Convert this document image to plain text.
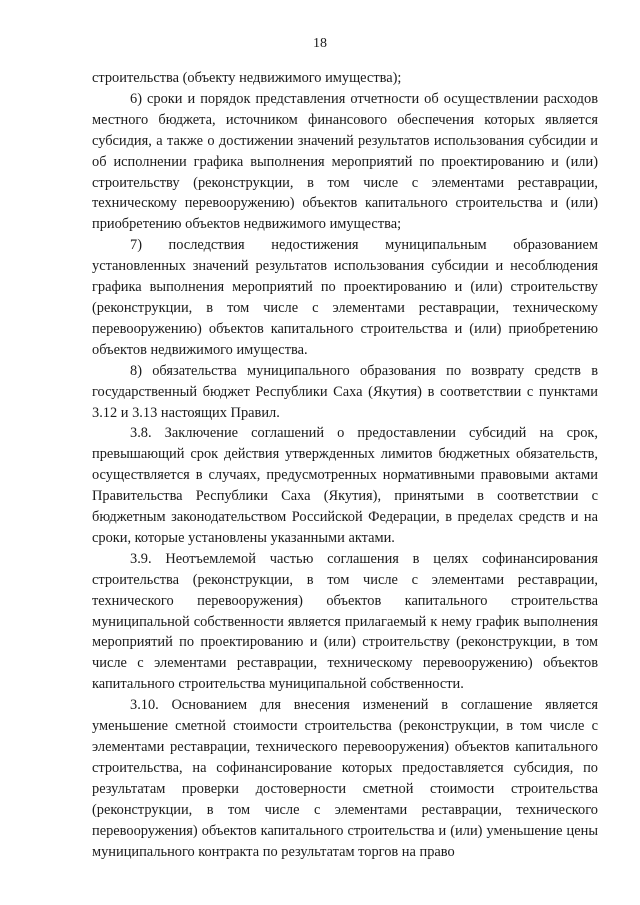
18

строительства (объекту недвижимого имущества);

6) сроки и порядок представления отчетности об осуществлении расходов местного бюджета, источником финансового обеспечения которых является субсидия, а также о достижении значений результатов использования субсидии и об исполнении графика выполнения мероприятий по проектированию и (или) строительству (реконструкции, в том числе с элементами реставрации, техническому перевооружению) объектов капитального строительства и (или) приобретению объектов недвижимого имущества;

7) последствия недостижения муниципальным образованием установленных значений результатов использования субсидии и несоблюдения графика выполнения мероприятий по проектированию и (или) строительству (реконструкции, в том числе с элементами реставрации, техническому перевооружению) объектов капитального строительства и (или) приобретению объектов недвижимого имущества.

8) обязательства муниципального образования по возврату средств в государственный бюджет Республики Саха (Якутия) в соответствии с пунктами 3.12 и 3.13 настоящих Правил.

3.8. Заключение соглашений о предоставлении субсидий на срок, превышающий срок действия утвержденных лимитов бюджетных обязательств, осуществляется в случаях, предусмотренных нормативными правовыми актами Правительства Республики Саха (Якутия), принятыми в соответствии с бюджетным законодательством Российской Федерации, в пределах средств и на сроки, которые установлены указанными актами.

3.9. Неотъемлемой частью соглашения в целях софинансирования строительства (реконструкции, в том числе с элементами реставрации, технического перевооружения) объектов капитального строительства муниципальной собственности является прилагаемый к нему график выполнения мероприятий по проектированию и (или) строительству (реконструкции, в том числе с элементами реставрации, техническому перевооружению) объектов капитального строительства муниципальной собственности.

3.10. Основанием для внесения изменений в соглашение является уменьшение сметной стоимости строительства (реконструкции, в том числе с элементами реставрации, технического перевооружения) объектов капитального строительства, на софинансирование которых предоставляется субсидия, по результатам проверки достоверности сметной стоимости строительства (реконструкции, в том числе с элементами реставрации, технического перевооружения) объектов капитального строительства и (или) уменьшение цены муниципального контракта по результатам торгов на право
